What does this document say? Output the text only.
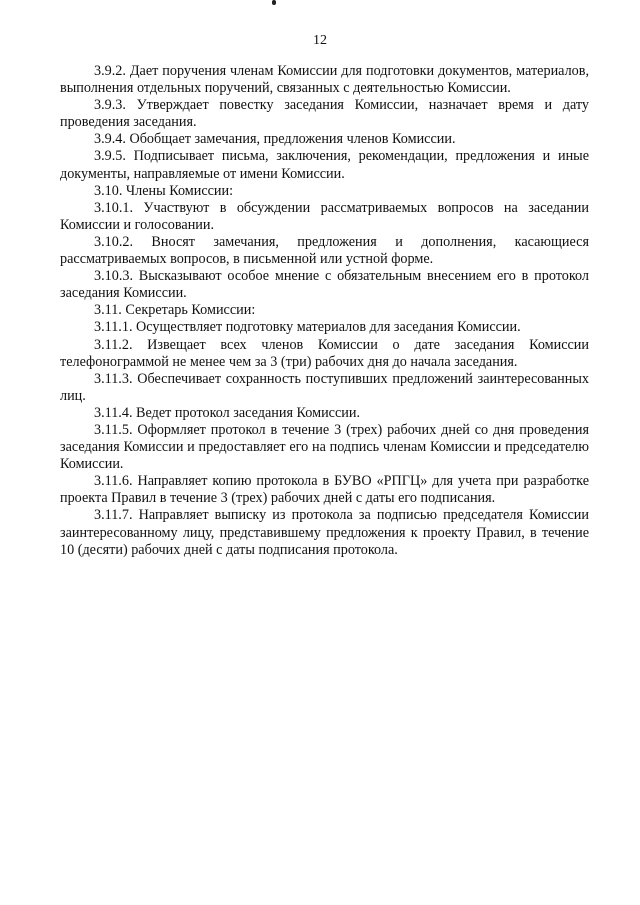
12

3.9.2. Дает поручения членам Комиссии для подготовки документов, материалов, выполнения отдельных поручений, связанных с деятельностью Комиссии.

3.9.3. Утверждает повестку заседания Комиссии, назначает время и дату проведения заседания.

3.9.4. Обобщает замечания, предложения членов Комиссии.

3.9.5. Подписывает письма, заключения, рекомендации, предложения и иные документы, направляемые от имени Комиссии.

3.10. Члены Комиссии:

3.10.1. Участвуют в обсуждении рассматриваемых вопросов на заседании Комиссии и голосовании.

3.10.2. Вносят замечания, предложения и дополнения, касающиеся рассматриваемых вопросов, в письменной или устной форме.

3.10.3. Высказывают особое мнение с обязательным внесением его в протокол заседания Комиссии.

3.11. Секретарь Комиссии:

3.11.1. Осуществляет подготовку материалов для заседания Комиссии.

3.11.2. Извещает всех членов Комиссии о дате заседания Комиссии телефонограммой не менее чем за 3 (три) рабочих дня до начала заседания.

3.11.3. Обеспечивает сохранность поступивших предложений заинтересованных лиц.

3.11.4. Ведет протокол заседания Комиссии.

3.11.5. Оформляет протокол в течение 3 (трех) рабочих дней со дня проведения заседания Комиссии и предоставляет его на подпись членам Комиссии и председателю Комиссии.

3.11.6. Направляет копию протокола в БУВО «РПГЦ» для учета при разработке проекта Правил в течение 3 (трех) рабочих дней с даты его подписания.

3.11.7. Направляет выписку из протокола за подписью председателя Комиссии заинтересованному лицу, представившему предложения к проекту Правил, в течение 10 (десяти) рабочих дней с даты подписания протокола.
